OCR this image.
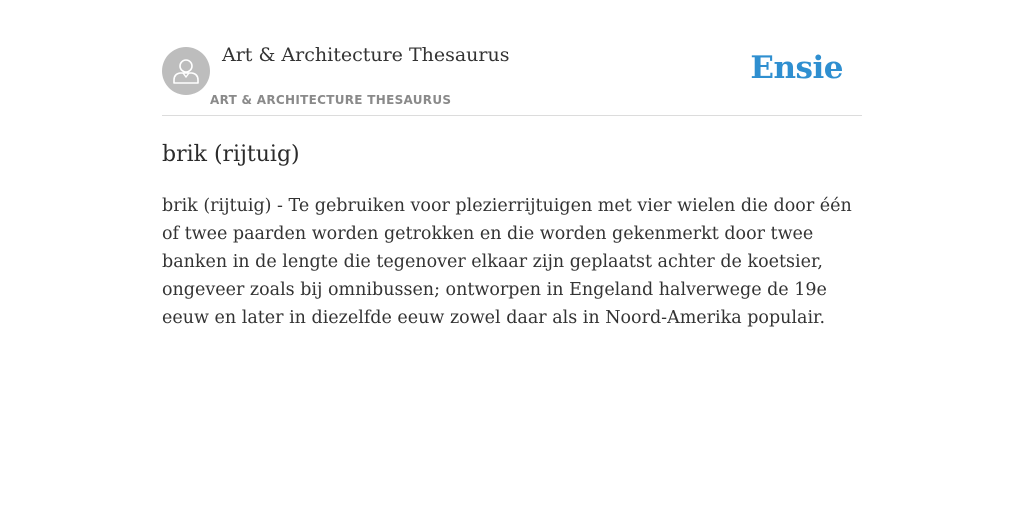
Art & Architecture Thesaurus
ART & ARCHITECTURE THESAURUS
Ensie
brik (rijtuig)

brik (rijtuig) - Te gebruiken voor plezierrijtuigen met vier wielen die door één of twee paarden worden getrokken en die worden gekenmerkt door twee banken in de lengte die tegenover elkaar zijn geplaatst achter de koetsier, ongeveer zoals bij omnibussen; ontworpen in Engeland halverwege de 19e eeuw en later in diezelfde eeuw zowel daar als in Noord-Amerika populair.
